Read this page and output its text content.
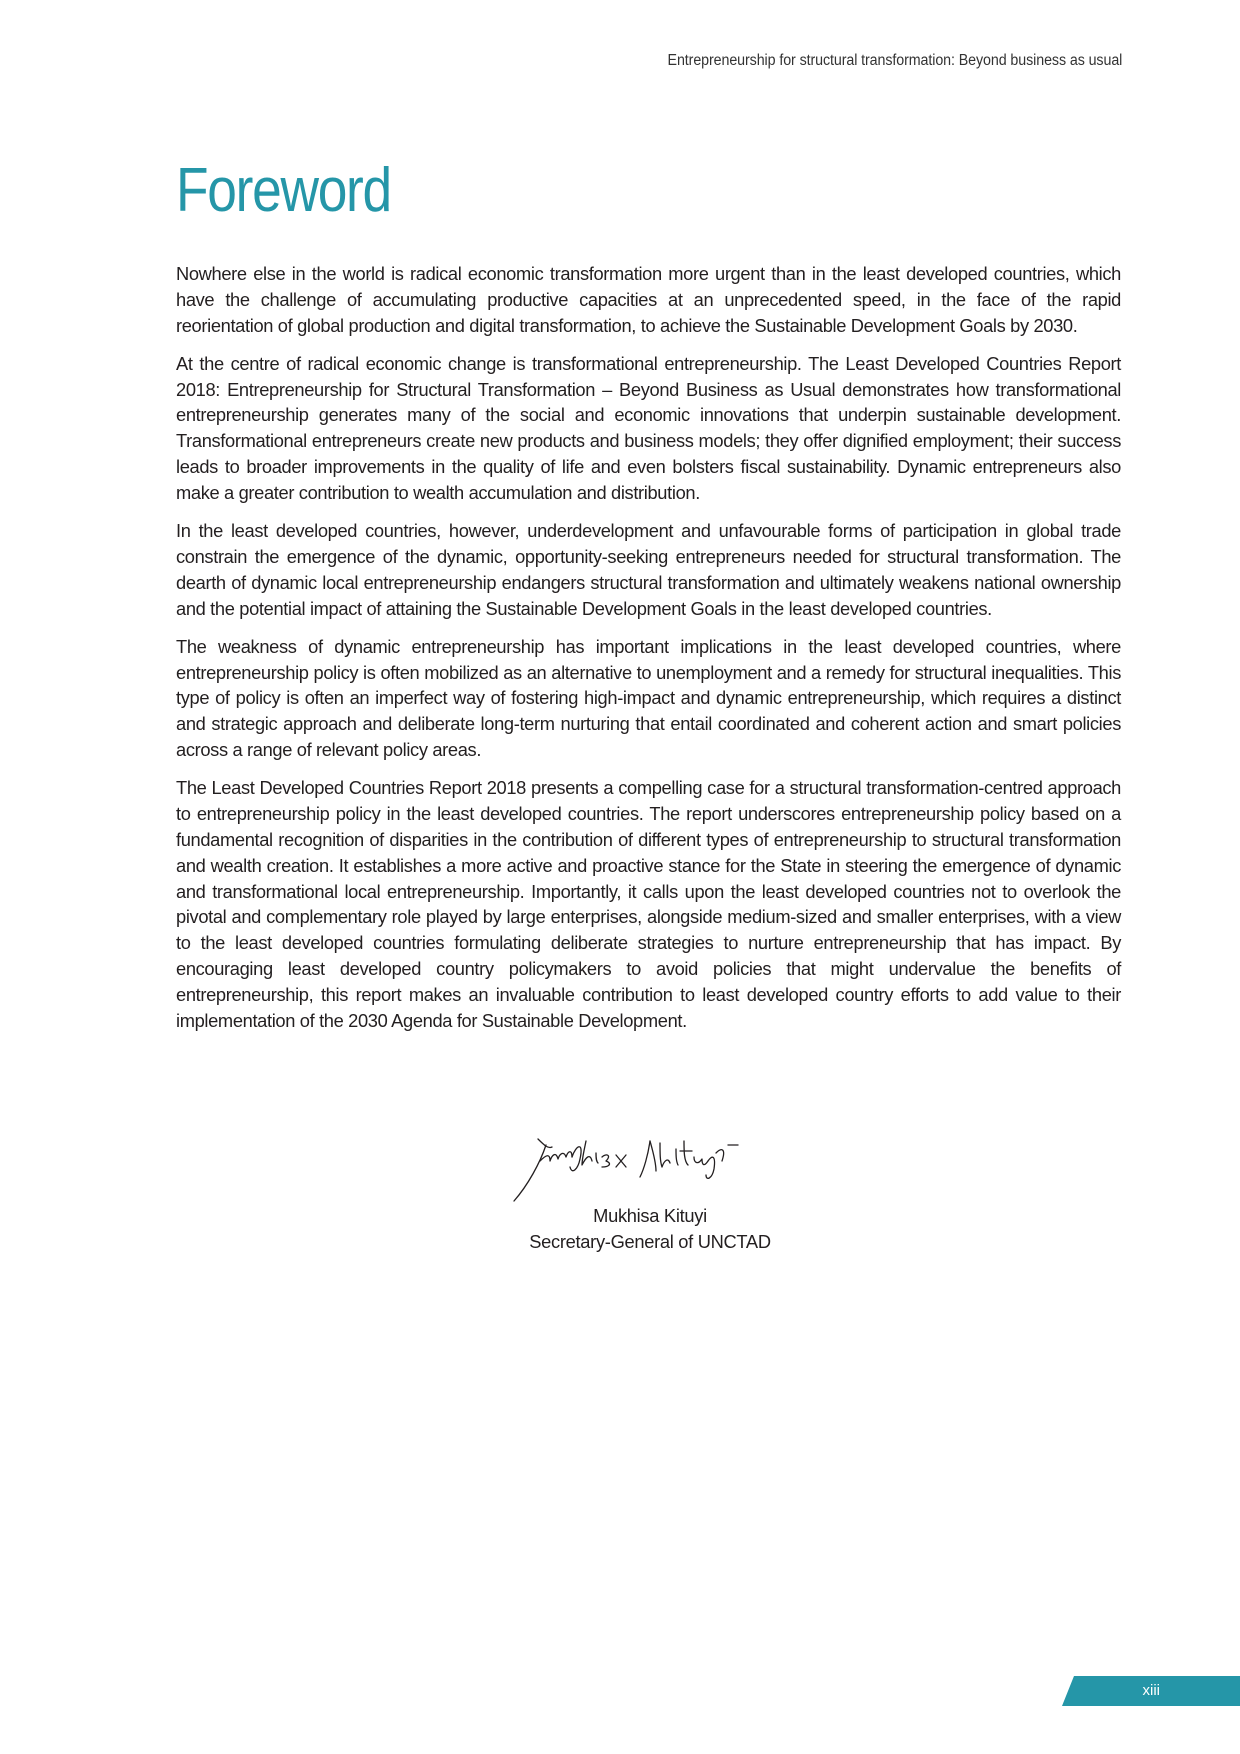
Entrepreneurship for structural transformation: Beyond business as usual
Foreword

Nowhere else in the world is radical economic transformation more urgent than in the least developed countries, which have the challenge of accumulating productive capacities at an unprecedented speed, in the face of the rapid reorientation of global production and digital transformation, to achieve the Sustainable Development Goals by 2030.

At the centre of radical economic change is transformational entrepreneurship. The Least Developed Countries Report 2018: Entrepreneurship for Structural Transformation – Beyond Business as Usual demonstrates how transformational entrepreneurship generates many of the social and economic innovations that underpin sustainable development. Transformational entrepreneurs create new products and business models; they offer dignified employment; their success leads to broader improvements in the quality of life and even bolsters fiscal sustainability. Dynamic entrepreneurs also make a greater contribution to wealth accumulation and distribution.

In the least developed countries, however, underdevelopment and unfavourable forms of participation in global trade constrain the emergence of the dynamic, opportunity-seeking entrepreneurs needed for structural transformation. The dearth of dynamic local entrepreneurship endangers structural transformation and ultimately weakens national ownership and the potential impact of attaining the Sustainable Development Goals in the least developed countries.

The weakness of dynamic entrepreneurship has important implications in the least developed countries, where entrepreneurship policy is often mobilized as an alternative to unemployment and a remedy for structural inequalities. This type of policy is often an imperfect way of fostering high-impact and dynamic entrepreneurship, which requires a distinct and strategic approach and deliberate long-term nurturing that entail coordinated and coherent action and smart policies across a range of relevant policy areas.

The Least Developed Countries Report 2018 presents a compelling case for a structural transformation-centred approach to entrepreneurship policy in the least developed countries. The report underscores entrepreneurship policy based on a fundamental recognition of disparities in the contribution of different types of entrepreneurship to structural transformation and wealth creation. It establishes a more active and proactive stance for the State in steering the emergence of dynamic and transformational local entrepreneurship. Importantly, it calls upon the least developed countries not to overlook the pivotal and complementary role played by large enterprises, alongside medium-sized and smaller enterprises, with a view to the least developed countries formulating deliberate strategies to nurture entrepreneurship that has impact. By encouraging least developed country policymakers to avoid policies that might undervalue the benefits of entrepreneurship, this report makes an invaluable contribution to least developed country efforts to add value to their implementation of the 2030 Agenda for Sustainable Development.

Mukhisa Kituyi
Secretary-General of UNCTAD
xiii
